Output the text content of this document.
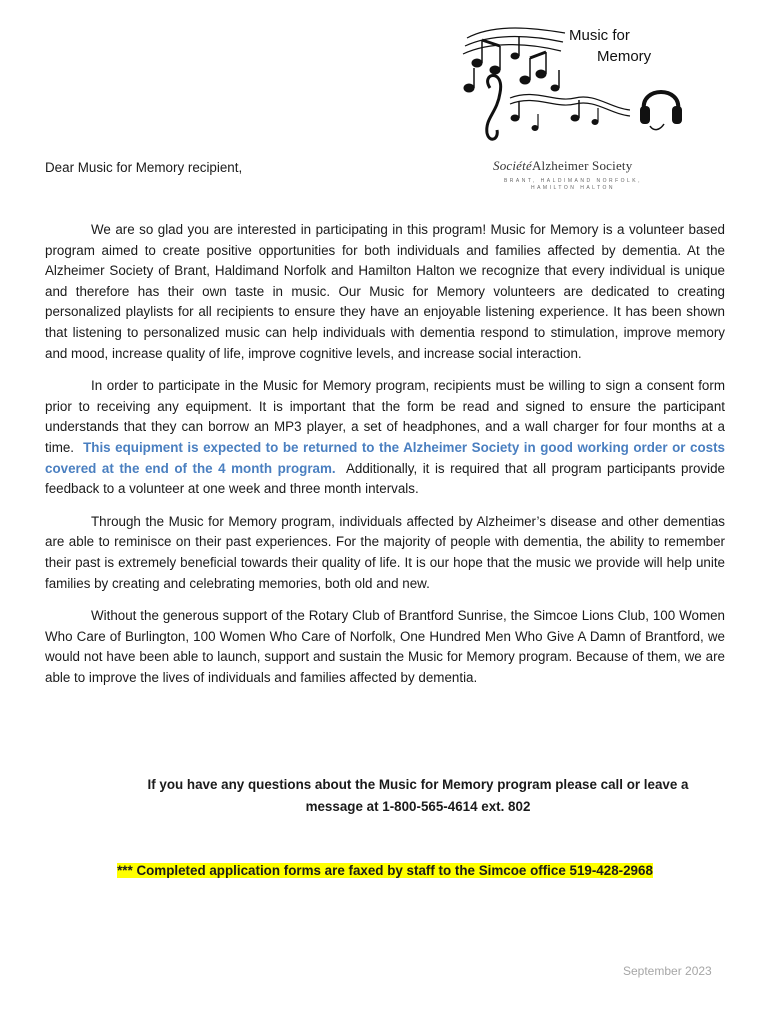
Music for
Memory
Dear Music for Memory recipient,	SociétéAlzheimer Society
BRANT, HALDIMAND NORFOLK,
HAMILTON HALTON

We are so glad you are interested in participating in this program! Music for Memory is a volunteer based program aimed to create positive opportunities for both individuals and families affected by dementia. At the Alzheimer Society of Brant, Haldimand Norfolk and Hamilton Halton we recognize that every individual is unique and therefore has their own taste in music. Our Music for Memory volunteers are dedicated to creating personalized playlists for all recipients to ensure they have an enjoyable listening experience. It has been shown that listening to personalized music can help individuals with dementia respond to stimulation, improve memory and mood, increase quality of life, improve cognitive levels, and increase social interaction.

In order to participate in the Music for Memory program, recipients must be willing to sign a consent form prior to receiving any equipment. It is important that the form be read and signed to ensure the participant understands that they can borrow an MP3 player, a set of headphones, and a wall charger for four months at a time. This equipment is expected to be returned to the Alzheimer Society in good working order or costs covered at the end of the 4 month program. Additionally, it is required that all program participants provide feedback to a volunteer at one week and three month intervals.

Through the Music for Memory program, individuals affected by Alzheimer’s disease and other dementias are able to reminisce on their past experiences. For the majority of people with dementia, the ability to remember their past is extremely beneficial towards their quality of life. It is our hope that the music we provide will help unite families by creating and celebrating memories, both old and new.

Without the generous support of the Rotary Club of Brantford Sunrise, the Simcoe Lions Club, 100 Women Who Care of Burlington, 100 Women Who Care of Norfolk, One Hundred Men Who Give A Damn of Brantford, we would not have been able to launch, support and sustain the Music for Memory program. Because of them, we are able to improve the lives of individuals and families affected by dementia.

If you have any questions about the Music for Memory program please call or leave a
message at 1-800-565-4614 ext. 802
*** Completed application forms are faxed by staff to the Simcoe office 519-428-2968
September 2023
